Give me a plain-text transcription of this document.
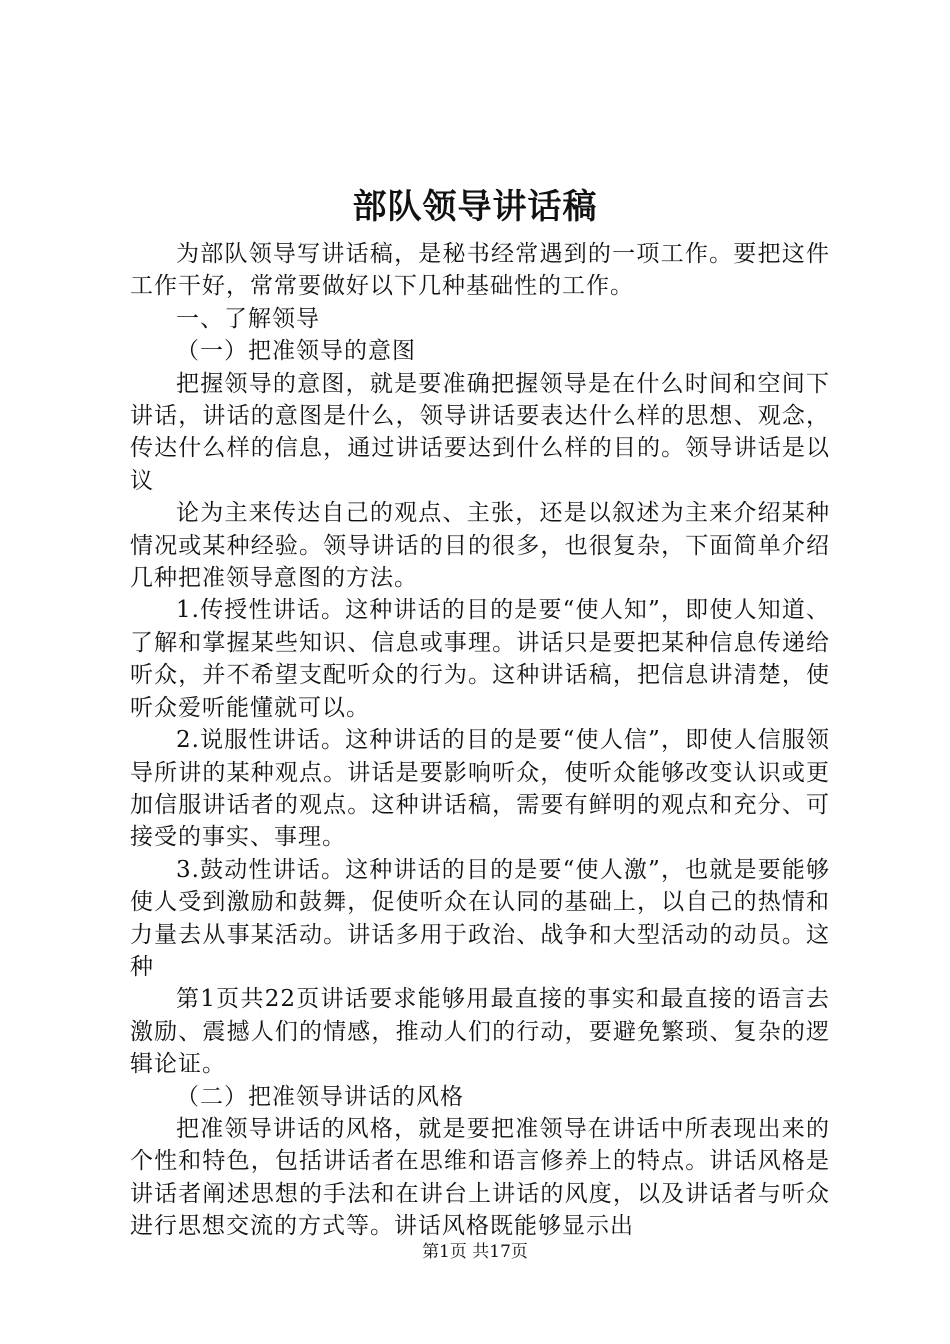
部队领导讲话稿

为部队领导写讲话稿，是秘书经常遇到的一项工作。要把这件工作干好，常常要做好以下几种基础性的工作。

一、了解领导

（一）把准领导的意图

把握领导的意图，就是要准确把握领导是在什么时间和空间下讲话，讲话的意图是什么，领导讲话要表达什么样的思想、观念，传达什么样的信息，通过讲话要达到什么样的目的。领导讲话是以议

论为主来传达自己的观点、主张，还是以叙述为主来介绍某种情况或某种经验。领导讲话的目的很多，也很复杂，下面简单介绍几种把准领导意图的方法。

1.传授性讲话。这种讲话的目的是要“使人知”，即使人知道、了解和掌握某些知识、信息或事理。讲话只是要把某种信息传递给听众，并不希望支配听众的行为。这种讲话稿，把信息讲清楚，使听众爱听能懂就可以。

2.说服性讲话。这种讲话的目的是要“使人信”，即使人信服领导所讲的某种观点。讲话是要影响听众，使听众能够改变认识或更加信服讲话者的观点。这种讲话稿，需要有鲜明的观点和充分、可接受的事实、事理。

3.鼓动性讲话。这种讲话的目的是要“使人激”，也就是要能够使人受到激励和鼓舞，促使听众在认同的基础上，以自己的热情和力量去从事某活动。讲话多用于政治、战争和大型活动的动员。这种

第1页共22页讲话要求能够用最直接的事实和最直接的语言去激励、震撼人们的情感，推动人们的行动，要避免繁琐、复杂的逻辑论证。

（二）把准领导讲话的风格

把准领导讲话的风格，就是要把准领导在讲话中所表现出来的个性和特色，包括讲话者在思维和语言修养上的特点。讲话风格是讲话者阐述思想的手法和在讲台上讲话的风度，以及讲话者与听众进行思想交流的方式等。讲话风格既能够显示出

第1页 共17页
